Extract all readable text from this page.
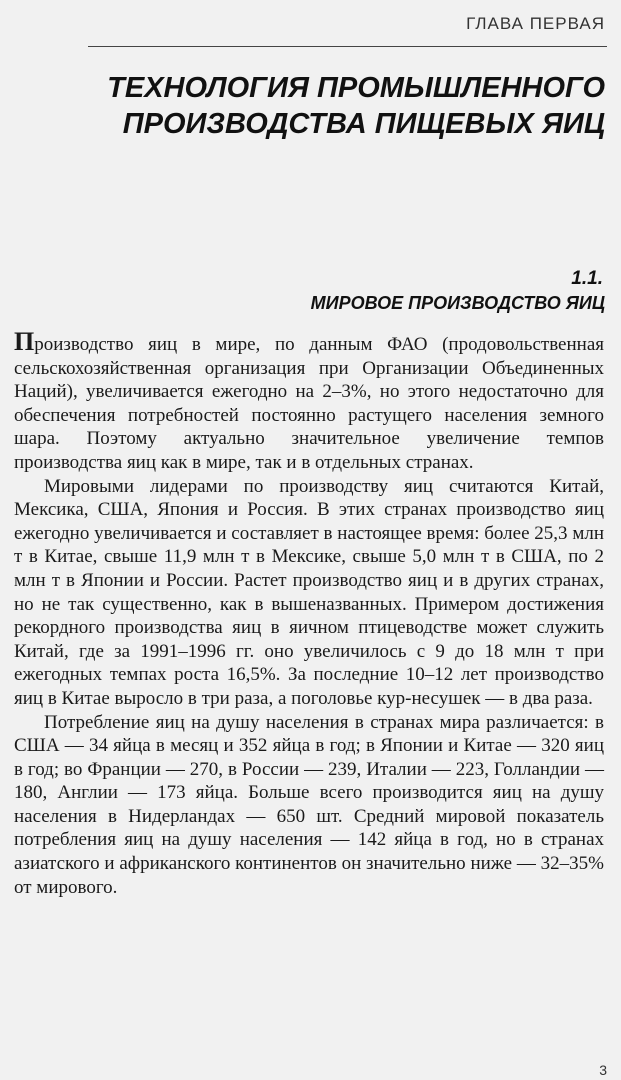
ГЛАВА ПЕРВАЯ
ТЕХНОЛОГИЯ ПРОМЫШЛЕННОГО
ПРОИЗВОДСТВА ПИЩЕВЫХ ЯИЦ
1.1.
МИРОВОЕ ПРОИЗВОДСТВО ЯИЦ

Производство яиц в мире, по данным ФАО (продовольственная сельскохозяйственная организация при Организации Объединенных Наций), увеличивается ежегодно на 2–3%, но этого недостаточно для обеспечения потребностей постоянно растущего населения земного шара. Поэтому актуально значительное увеличение темпов производства яиц как в мире, так и в отдельных странах.

Мировыми лидерами по производству яиц считаются Китай, Мексика, США, Япония и Россия. В этих странах производство яиц ежегодно увеличивается и составляет в настоящее время: более 25,3 млн т в Китае, свыше 11,9 млн т в Мексике, свыше 5,0 млн т в США, по 2 млн т в Японии и России. Растет производство яиц и в других странах, но не так существенно, как в вышеназванных. Примером достижения рекордного производства яиц в яичном птицеводстве может служить Китай, где за 1991–1996 гг. оно увеличилось с 9 до 18 млн т при ежегодных темпах роста 16,5%. За последние 10–12 лет производство яиц в Китае выросло в три раза, а поголовье кур-несушек — в два раза.

Потребление яиц на душу населения в странах мира различается: в США — 34 яйца в месяц и 352 яйца в год; в Японии и Китае — 320 яиц в год; во Франции — 270, в России — 239, Италии — 223, Голландии — 180, Англии — 173 яйца. Больше всего производится яиц на душу населения в Нидерландах — 650 шт. Средний мировой показатель потребления яиц на душу населения — 142 яйца в год, но в странах азиатского и африканского континентов он значительно ниже — 32–35% от мирового.

3
